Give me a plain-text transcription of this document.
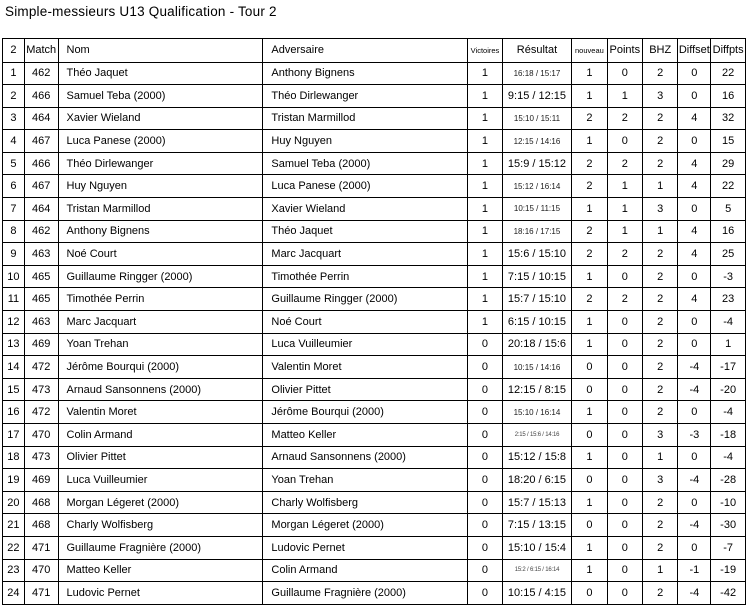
Simple-messieurs U13 Qualification - Tour 2
2	Match	Nom	Adversaire	Victoires	Résultat	nouveau	Points	BHZ	Diffset	Diffpts
1	462	Théo Jaquet	Anthony Bignens	1	16:18 / 15:17	1	0	2	0	22
2	466	Samuel Teba (2000)	Théo Dirlewanger	1	9:15 / 12:15	1	1	3	0	16
3	464	Xavier Wieland	Tristan Marmillod	1	15:10 / 15:11	2	2	2	4	32
4	467	Luca Panese (2000)	Huy Nguyen	1	12:15 / 14:16	1	0	2	0	15
5	466	Théo Dirlewanger	Samuel Teba (2000)	1	15:9 / 15:12	2	2	2	4	29
6	467	Huy Nguyen	Luca Panese (2000)	1	15:12 / 16:14	2	1	1	4	22
7	464	Tristan Marmillod	Xavier Wieland	1	10:15 / 11:15	1	1	3	0	5
8	462	Anthony Bignens	Théo Jaquet	1	18:16 / 17:15	2	1	1	4	16
9	463	Noé Court	Marc Jacquart	1	15:6 / 15:10	2	2	2	4	25
10	465	Guillaume Ringger (2000)	Timothée Perrin	1	7:15 / 10:15	1	0	2	0	-3
11	465	Timothée Perrin	Guillaume Ringger (2000)	1	15:7 / 15:10	2	2	2	4	23
12	463	Marc Jacquart	Noé Court	1	6:15 / 10:15	1	0	2	0	-4
13	469	Yoan Trehan	Luca Vuilleumier	0	20:18 / 15:6	1	0	2	0	1
14	472	Jérôme Bourqui (2000)	Valentin Moret	0	10:15 / 14:16	0	0	2	-4	-17
15	473	Arnaud Sansonnens (2000)	Olivier Pittet	0	12:15 / 8:15	0	0	2	-4	-20
16	472	Valentin Moret	Jérôme Bourqui (2000)	0	15:10 / 16:14	1	0	2	0	-4
17	470	Colin Armand	Matteo Keller	0	2:15 / 15:6 / 14:16	0	0	3	-3	-18
18	473	Olivier Pittet	Arnaud Sansonnens (2000)	0	15:12 / 15:8	1	0	1	0	-4
19	469	Luca Vuilleumier	Yoan Trehan	0	18:20 / 6:15	0	0	3	-4	-28
20	468	Morgan Légeret (2000)	Charly Wolfisberg	0	15:7 / 15:13	1	0	2	0	-10
21	468	Charly Wolfisberg	Morgan Légeret (2000)	0	7:15 / 13:15	0	0	2	-4	-30
22	471	Guillaume Fragnière (2000)	Ludovic Pernet	0	15:10 / 15:4	1	0	2	0	-7
23	470	Matteo Keller	Colin Armand	0	15:2 / 6:15 / 16:14	1	0	1	-1	-19
24	471	Ludovic Pernet	Guillaume Fragnière (2000)	0	10:15 / 4:15	0	0	2	-4	-42
